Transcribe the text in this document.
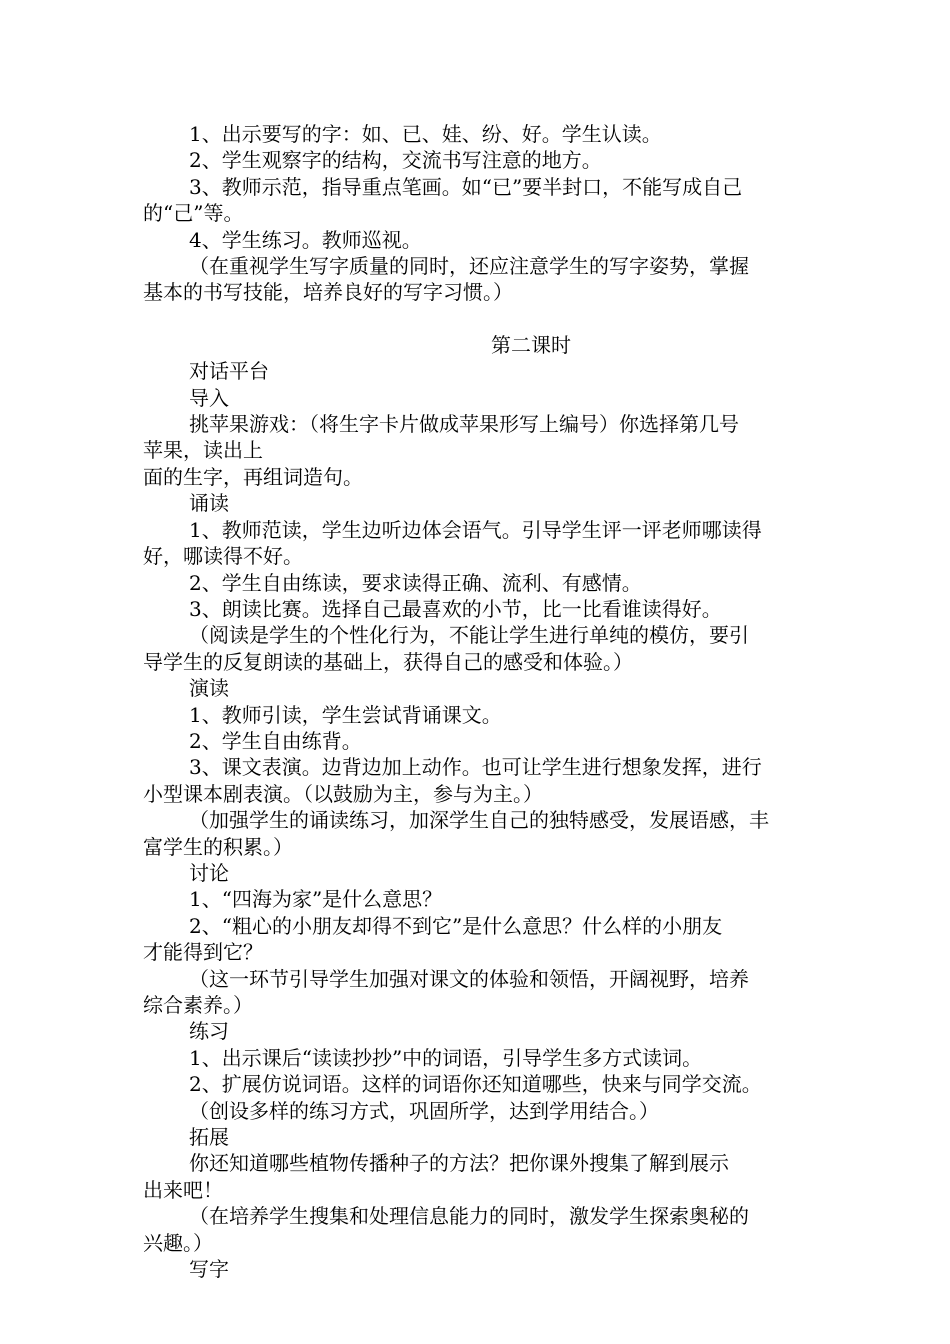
1、出示要写的字：如、已、娃、纷、好。学生认读。
2、学生观察字的结构，交流书写注意的地方。
3、教师示范，指导重点笔画。如“已”要半封口，不能写成自己
的“己”等。
4、学生练习。教师巡视。
（在重视学生写字质量的同时，还应注意学生的写字姿势，掌握
基本的书写技能，培养良好的写字习惯。）
第二课时
对话平台
导入
挑苹果游戏：（将生字卡片做成苹果形写上编号）你选择第几号
苹果，读出上
面的生字，再组词造句。
诵读
1、教师范读，学生边听边体会语气。引导学生评一评老师哪读得
好，哪读得不好。
2、学生自由练读，要求读得正确、流利、有感情。
3、朗读比赛。选择自己最喜欢的小节，比一比看谁读得好。
（阅读是学生的个性化行为，不能让学生进行单纯的模仿，要引
导学生的反复朗读的基础上，获得自己的感受和体验。）
演读
1、教师引读，学生尝试背诵课文。
2、学生自由练背。
3、课文表演。边背边加上动作。也可让学生进行想象发挥，进行
小型课本剧表演。（以鼓励为主，参与为主。）
（加强学生的诵读练习，加深学生自己的独特感受，发展语感，丰
富学生的积累。）
讨论
1、“四海为家”是什么意思？
2、“粗心的小朋友却得不到它”是什么意思？什么样的小朋友
才能得到它？
（这一环节引导学生加强对课文的体验和领悟，开阔视野，培养
综合素养。）
练习
1、出示课后“读读抄抄”中的词语，引导学生多方式读词。
2、扩展仿说词语。这样的词语你还知道哪些，快来与同学交流。
（创设多样的练习方式，巩固所学，达到学用结合。）
拓展
你还知道哪些植物传播种子的方法？把你课外搜集了解到展示
出来吧！
（在培养学生搜集和处理信息能力的同时，激发学生探索奥秘的
兴趣。）
写字
